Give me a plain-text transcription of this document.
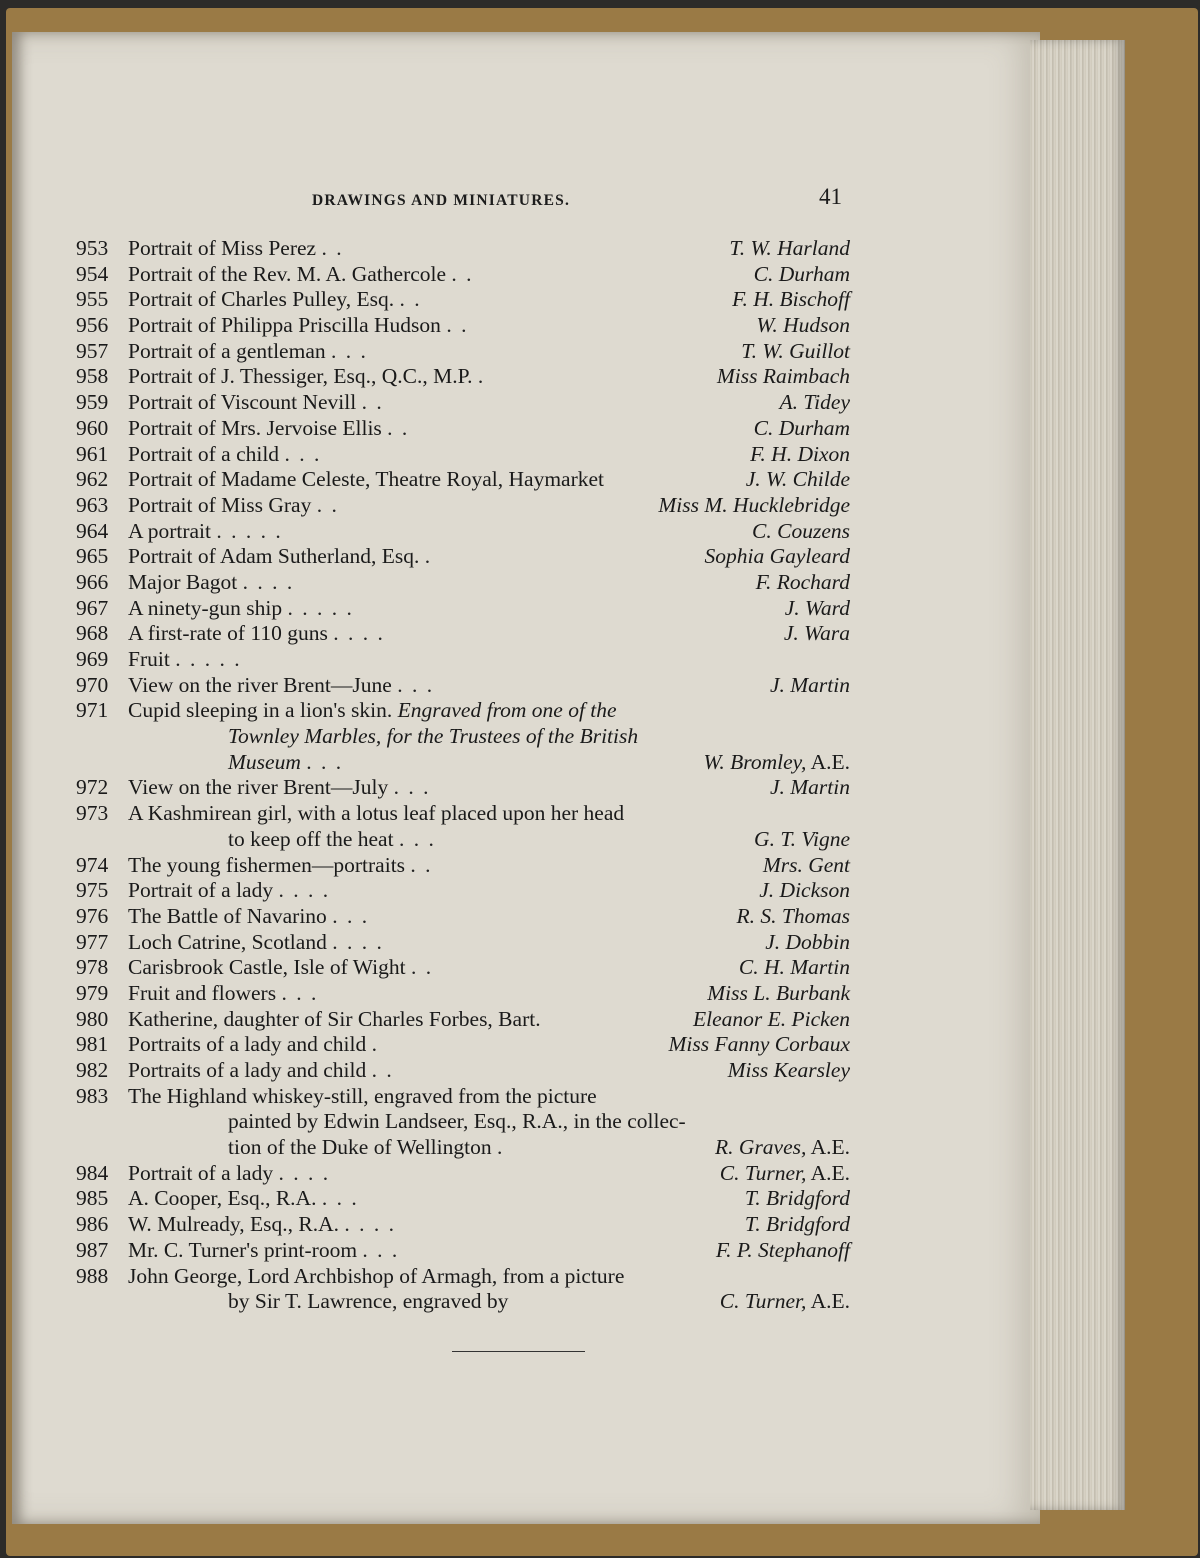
DRAWINGS AND MINIATURES.	41
953 Portrait of Miss Perez . .	T. W. Harland
954 Portrait of the Rev. M. A. Gathercole . .	C. Durham
955 Portrait of Charles Pulley, Esq. . .	F. H. Bischoff
956 Portrait of Philippa Priscilla Hudson . .	W. Hudson
957 Portrait of a gentleman . . .	T. W. Guillot
958 Portrait of J. Thessiger, Esq., Q.C., M.P. .	Miss Raimbach
959 Portrait of Viscount Nevill . .	A. Tidey
960 Portrait of Mrs. Jervoise Ellis . .	C. Durham
961 Portrait of a child . . .	F. H. Dixon
962 Portrait of Madame Celeste, Theatre Royal, Haymarket	J. W. Childe
963 Portrait of Miss Gray . .	Miss M. Hucklebridge
964 A portrait . . . . .	C. Couzens
965 Portrait of Adam Sutherland, Esq. .	Sophia Gayleard
966 Major Bagot . . . .	F. Rochard
967 A ninety-gun ship . . . . .	J. Ward
968 A first-rate of 110 guns . . . .	J. Wara
969 Fruit . . . . .
970 View on the river Brent—June . . .	J. Martin
971 Cupid sleeping in a lion's skin. Engraved from one of the
Townley Marbles, for the Trustees of the British
Museum . . .	W. Bromley, A.E.
972 View on the river Brent—July . . .	J. Martin
973 A Kashmirean girl, with a lotus leaf placed upon her head
to keep off the heat . . .	G. T. Vigne
974 The young fishermen—portraits . .	Mrs. Gent
975 Portrait of a lady . . . .	J. Dickson
976 The Battle of Navarino . . .	R. S. Thomas
977 Loch Catrine, Scotland . . . .	J. Dobbin
978 Carisbrook Castle, Isle of Wight . .	C. H. Martin
979 Fruit and flowers . . .	Miss L. Burbank
980 Katherine, daughter of Sir Charles Forbes, Bart.	Eleanor E. Picken
981 Portraits of a lady and child .	Miss Fanny Corbaux
982 Portraits of a lady and child . .	Miss Kearsley
983 The Highland whiskey-still, engraved from the picture
painted by Edwin Landseer, Esq., R.A., in the collec-
tion of the Duke of Wellington .	R. Graves, A.E.
984 Portrait of a lady . . . .	C. Turner, A.E.
985 A. Cooper, Esq., R.A. . . .	T. Bridgford
986 W. Mulready, Esq., R.A. . . . .	T. Bridgford
987 Mr. C. Turner's print-room . . .	F. P. Stephanoff
988 John George, Lord Archbishop of Armagh, from a picture
by Sir T. Lawrence, engraved by	C. Turner, A.E.
